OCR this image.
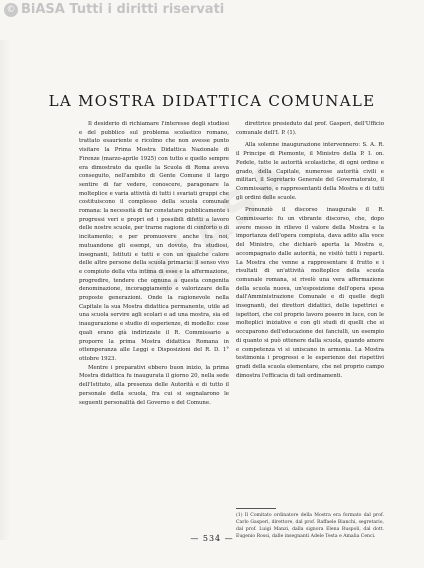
© BiASA Tutti i diritti riservati
LA MOSTRA DIDATTICA COMUNALE

Il desiderio di richiamare l'interesse degli studiosi e del pubblico sul problema scolastico romano, trattato esauriente e ricolmo che non avesse punto visitare la Prima Mostra Didattica Nazionale di Firenze (marzo-aprile 1925) con tutto e quello sempre era dimostrato da quelle la Scuola di Roma aveva conseguito, nell'ambito di Gente Comune il largo sentire di far vedere, conoscere, paragonare la molteplice e varia attività di tutti i svariati gruppi che costituiscono il complesso della scuola comunale romana: la necessità di far constatare pubblicamente i progressi veri e propri ed i possibili difetti a lavoro delle nostre scuole, per trarne ragione di conforto o di incitamento; e per promuovere anche tra noi, mutuandone gli esempi, un dovuto, fra studiosi, insegnanti, Istituti e tutti e con un qualche calore delle altre persone della scuola primaria: il senso vivo e compiuto della vita intima di esse e la affermazione, progredire, tendere che ognuna a questa congenita denominazione, incoraggiamento e valorizzare della proposte generazioni. Onde la ragionevole nella Capitale la sua Mostra didattica permanente, utile ad una scuola servire agli scolari e ad una mostra, sia ed inaugurazione e studio di esperienze, di modello: cose quali erano già indirizzate il R. Commissario a proporre la prima Mostra didattica Romana in ottemperanza alle Leggi e Disposizioni del R. D. 1° ottobre 1923.

Mentre i preparativi ebbero buon inizio, la prima Mostra didattica fu inaugurata il giorno 20, nella sede dell'Istituto, alla presenza delle Autorità e di tutto il personale della scuola, fra cui si segnalarono le seguenti personalità del Governo e del Comune.

direttrice presieduto dal prof. Gasperi, dell'Ufficio comunale dell'I. P. (1).

Alla solenne inaugurazione intervennero: S. A. R. il Principe di Piemonte, il Ministro della P. I. on. Fedele, tutte le autorità scolastiche, di ogni ordine e grado, della Capitale, numerose autorità civili e militari, il Segretario Generale del Governatorato, il Commissario, e rappresentanti della Mostra e di tutti gli ordini delle scuole.

Pronunziò il discorso inaugurale il R. Commissario: fu un vibrante discorso, che, dopo avere messo in rilievo il valore della Mostra e la importanza dell'opera compiuta, dava adito alla voce del Ministro, che dichiarò aperta la Mostra e, accompagnato dalle autorità, ne visitò tutti i reparti. La Mostra che venne a rappresentare il frutto e i risultati di un'attività molteplice della scuola comunale romana, si rivelò una vera affermazione della scuola nuova, un'esposizione dell'opera spesa dall'Amministrazione Comunale e di quelle degli insegnanti, dei direttori didattici, delle ispettrici e ispettori, che col proprio lavoro posero in luce, con le molteplici iniziative e con gli studi di quelli che si occuparono dell'educazione dei fanciulli, un esempio di quanto si può ottenere dalla scuola, quando amore e competenza vi si uniscano in armonia. La Mostra testimonia i progressi e le esperienze dei rispettivi gradi della scuola elementare, che nel proprio campo dimostra l'efficacia di tali ordinamenti.

(1) Il Comitato ordinatore della Mostra era formato dal prof. Carlo Gasperi, direttore, dal prof. Raffaele Bianchi, segretario, dal prof. Luigi Manzi, dalla signora Elena Ruspoli, dal dott. Eugenio Rossi, dalle insegnanti Adele Testa e Amalia Cenci.

— 534 —
